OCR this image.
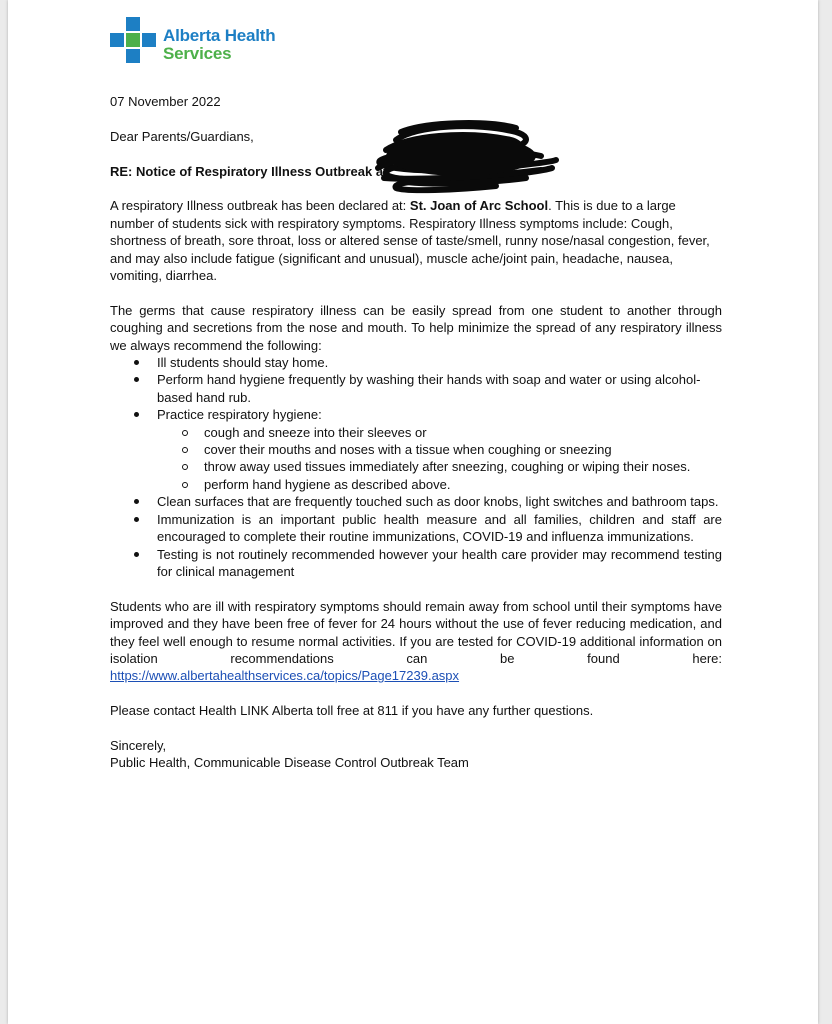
Alberta Health
Services

07 November 2022

Dear Parents/Guardians,

RE: Notice of Respiratory Illness Outbreak at

A respiratory Illness outbreak has been declared at: St. Joan of Arc School. This is due to a large number of students sick with respiratory symptoms. Respiratory Illness symptoms include: Cough, shortness of breath, sore throat, loss or altered sense of taste/smell, runny nose/nasal congestion, fever, and may also include fatigue (significant and unusual), muscle ache/joint pain, headache, nausea, vomiting, diarrhea.

The germs that cause respiratory illness can be easily spread from one student to another through coughing and secretions from the nose and mouth. To help minimize the spread of any respiratory illness we always recommend the following:

Ill students should stay home.
Perform hand hygiene frequently by washing their hands with soap and water or using alcohol-based hand rub.
Practice respiratory hygiene:
cough and sneeze into their sleeves or
cover their mouths and noses with a tissue when coughing or sneezing
throw away used tissues immediately after sneezing, coughing or wiping their noses.
perform hand hygiene as described above.
Clean surfaces that are frequently touched such as door knobs, light switches and bathroom taps.
Immunization is an important public health measure and all families, children and staff are encouraged to complete their routine immunizations, COVID-19 and influenza immunizations.
Testing is not routinely recommended however your health care provider may recommend testing for clinical management

Students who are ill with respiratory symptoms should remain away from school until their symptoms have improved and they have been free of fever for 24 hours without the use of fever reducing medication, and they feel well enough to resume normal activities. If you are tested for COVID-19 additional information on isolation recommendations can be found here: https://www.albertahealthservices.ca/topics/Page17239.aspx

Please contact Health LINK Alberta toll free at 811 if you have any further questions.

Sincerely,

Public Health, Communicable Disease Control Outbreak Team
